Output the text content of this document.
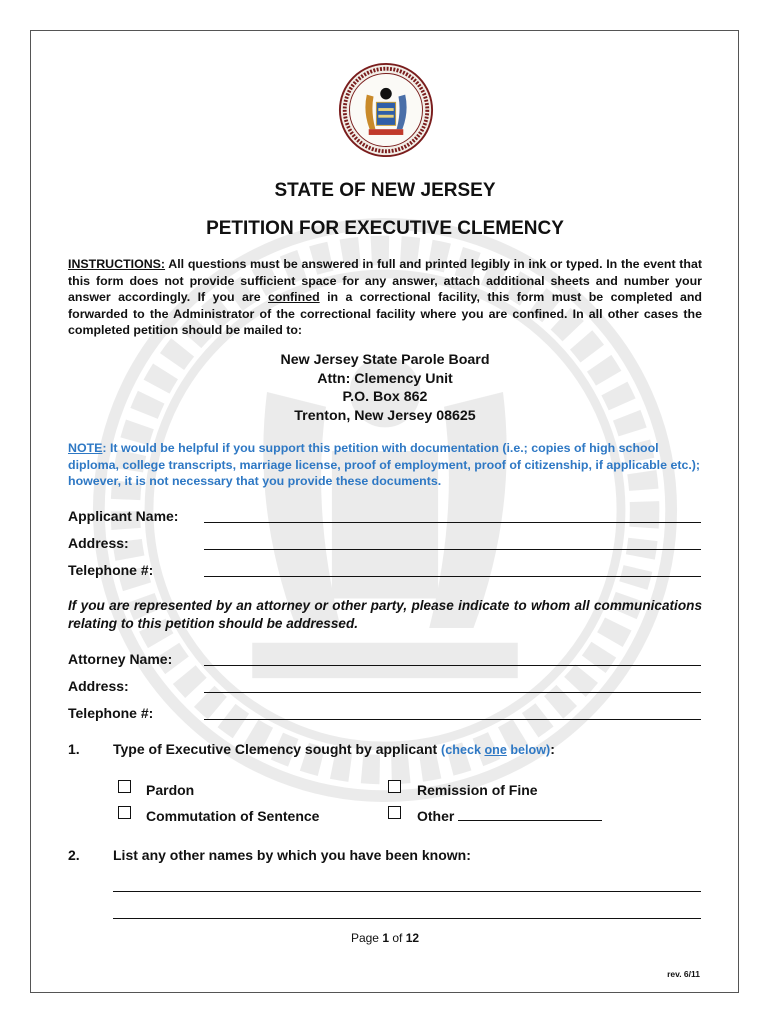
STATE OF NEW JERSEY
PETITION FOR EXECUTIVE CLEMENCY
INSTRUCTIONS: All questions must be answered in full and printed legibly in ink or typed. In the event that this form does not provide sufficient space for any answer, attach additional sheets and number your answer accordingly. If you are confined in a correctional facility, this form must be completed and forwarded to the Administrator of the correctional facility where you are confined. In all other cases the completed petition should be mailed to:
New Jersey State Parole Board
Attn: Clemency Unit
P.O. Box 862
Trenton, New Jersey 08625
NOTE: It would be helpful if you support this petition with documentation (i.e.; copies of high school diploma, college transcripts, marriage license, proof of employment, proof of citizenship, if applicable etc.); however, it is not necessary that you provide these documents.
Applicant Name:
Address:
Telephone #:
If you are represented by an attorney or other party, please indicate to whom all communications relating to this petition should be addressed.
Attorney Name:
Address:
Telephone #:
1. Type of Executive Clemency sought by applicant (check one below):
Pardon	Remission of Fine
Commutation of Sentence	Other
2. List any other names by which you have been known:
Page 1 of 12
rev. 6/11
